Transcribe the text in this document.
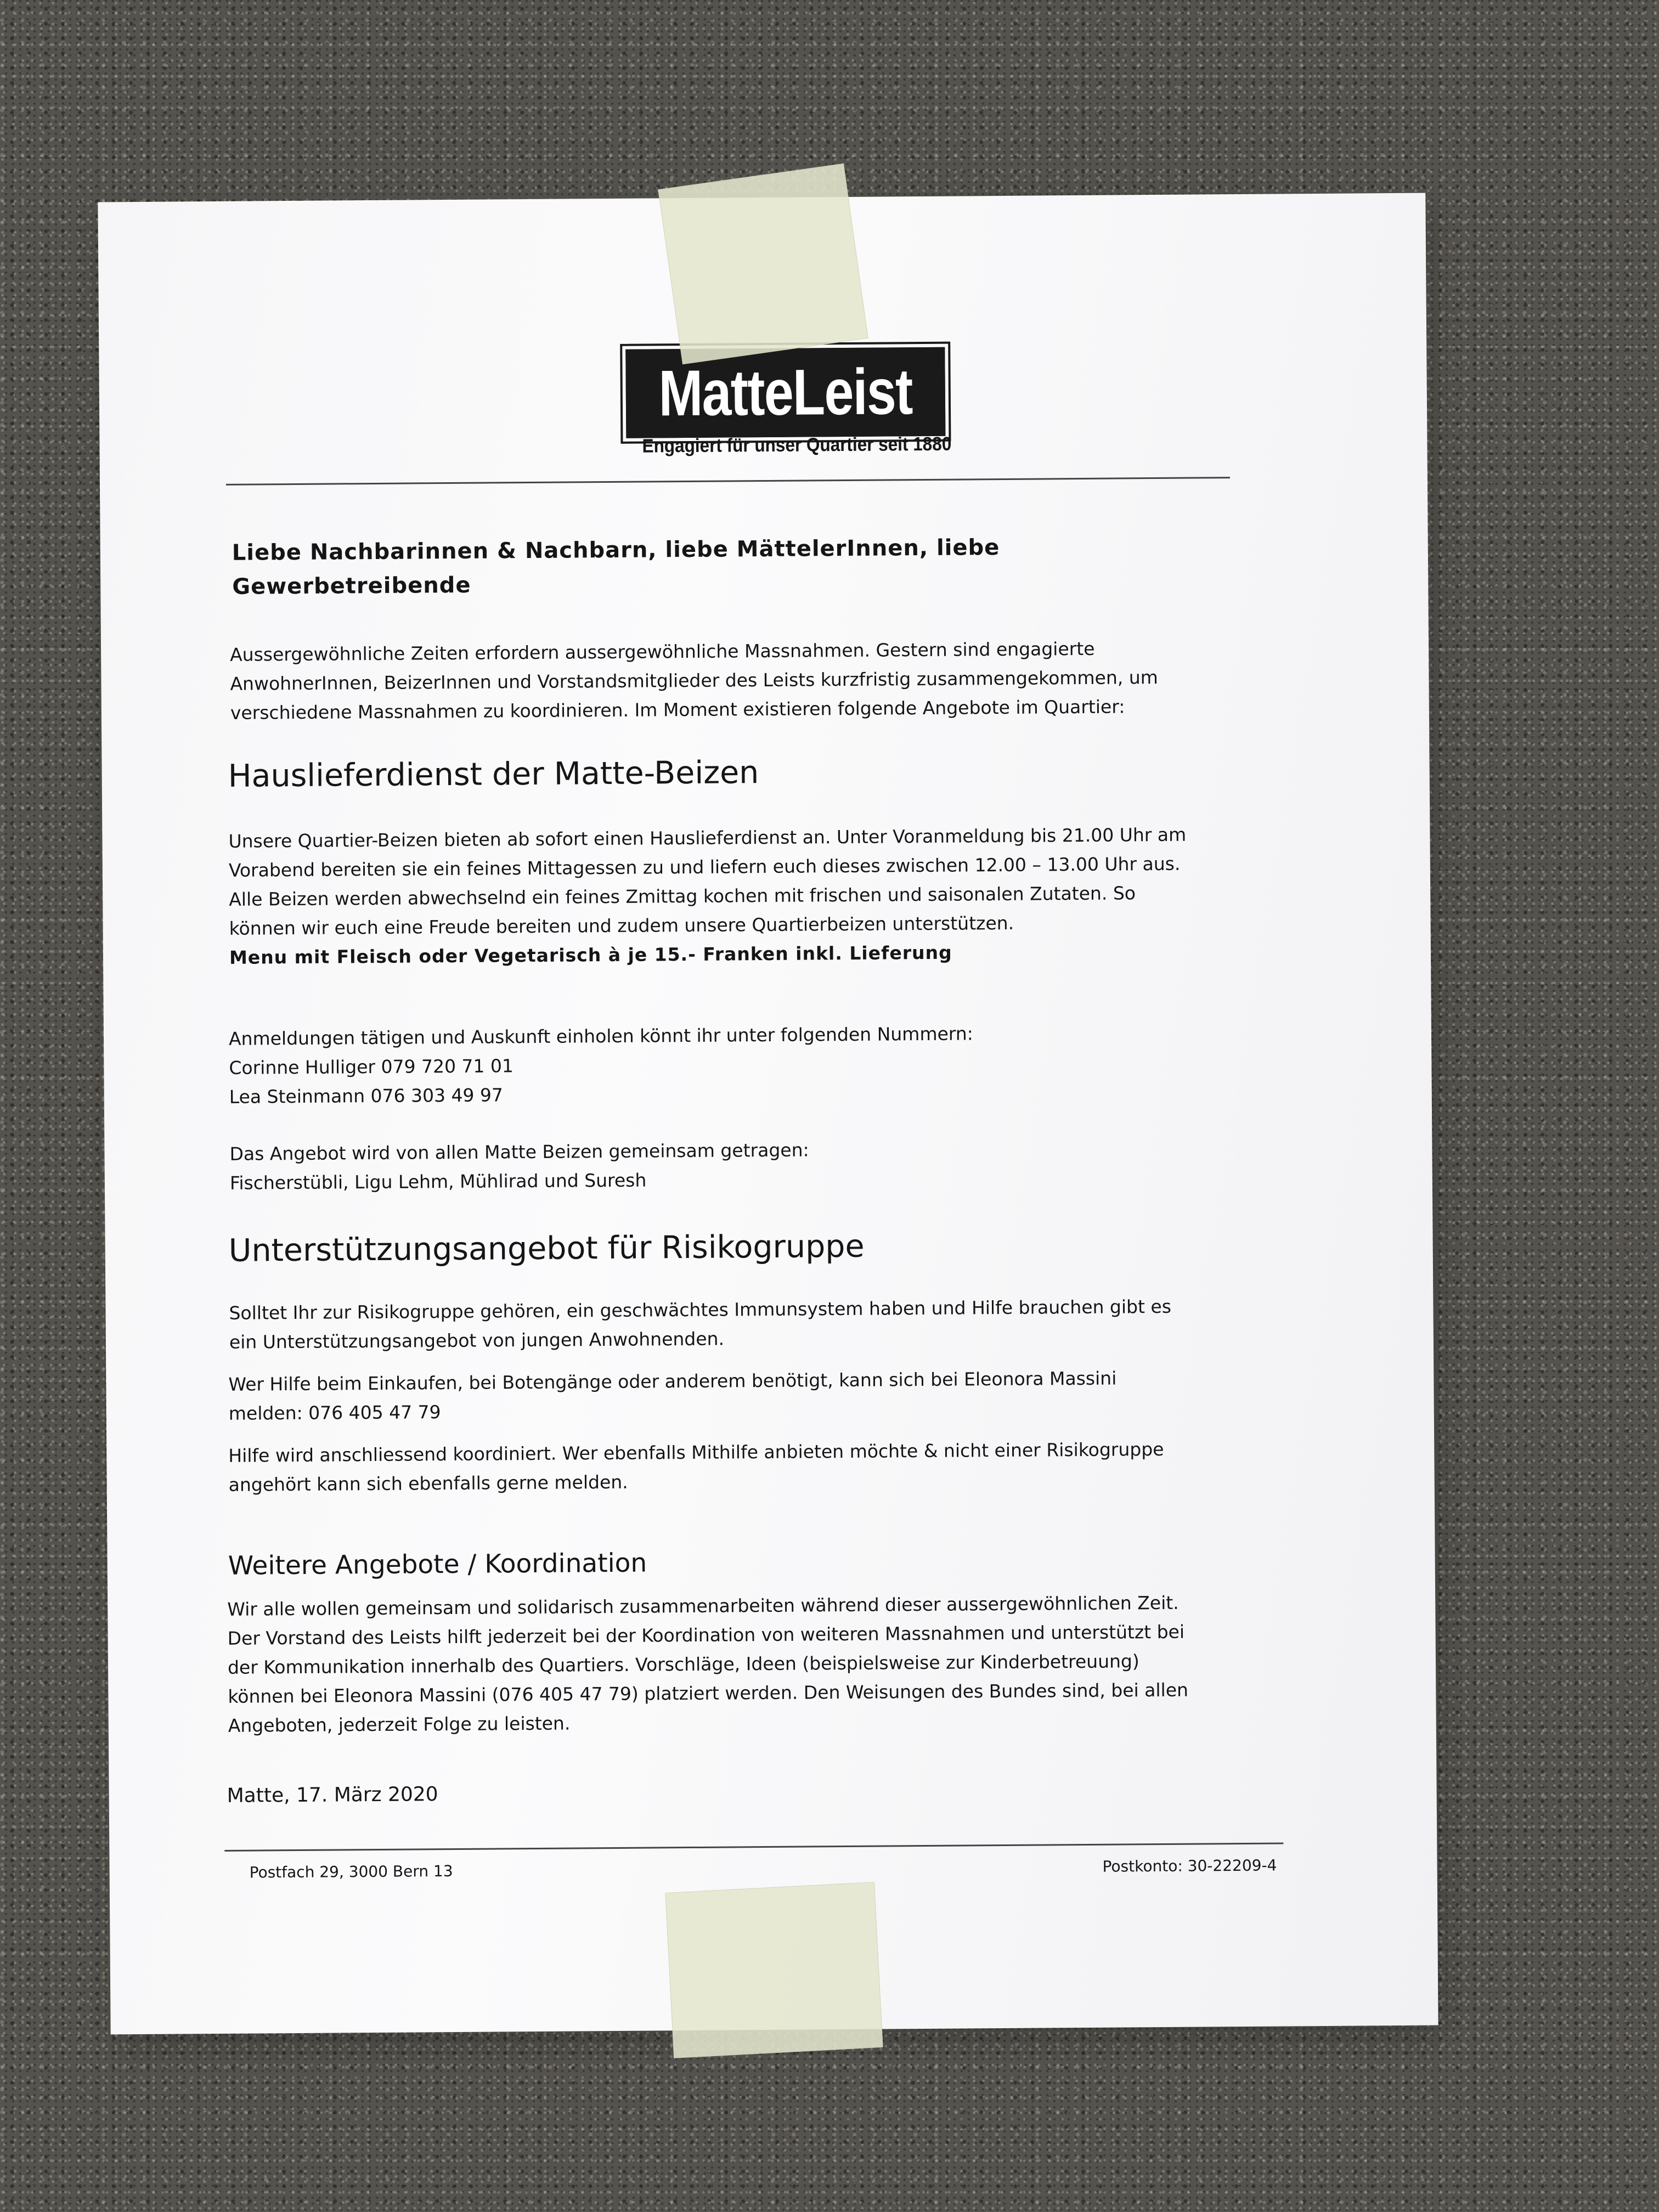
MatteLeist
Engagiert für unser Quartier seit 1880
Liebe Nachbarinnen & Nachbarn, liebe MättelerInnen, liebe
Gewerbetreibende
Aussergewöhnliche Zeiten erfordern aussergewöhnliche Massnahmen. Gestern sind engagierte
AnwohnerInnen, BeizerInnen und Vorstandsmitglieder des Leists kurzfristig zusammengekommen, um
verschiedene Massnahmen zu koordinieren. Im Moment existieren folgende Angebote im Quartier:
Hauslieferdienst der Matte-Beizen
Unsere Quartier-Beizen bieten ab sofort einen Hauslieferdienst an. Unter Voranmeldung bis 21.00 Uhr am
Vorabend bereiten sie ein feines Mittagessen zu und liefern euch dieses zwischen 12.00 – 13.00 Uhr aus.
Alle Beizen werden abwechselnd ein feines Zmittag kochen mit frischen und saisonalen Zutaten. So
können wir euch eine Freude bereiten und zudem unsere Quartierbeizen unterstützen.
Menu mit Fleisch oder Vegetarisch à je 15.- Franken inkl. Lieferung
Anmeldungen tätigen und Auskunft einholen könnt ihr unter folgenden Nummern:
Corinne Hulliger 079 720 71 01
Lea Steinmann 076 303 49 97
Das Angebot wird von allen Matte Beizen gemeinsam getragen:
Fischerstübli, Ligu Lehm, Mühlirad und Suresh
Unterstützungsangebot für Risikogruppe
Solltet Ihr zur Risikogruppe gehören, ein geschwächtes Immunsystem haben und Hilfe brauchen gibt es
ein Unterstützungsangebot von jungen Anwohnenden.
Wer Hilfe beim Einkaufen, bei Botengänge oder anderem benötigt, kann sich bei Eleonora Massini
melden: 076 405 47 79
Hilfe wird anschliessend koordiniert. Wer ebenfalls Mithilfe anbieten möchte & nicht einer Risikogruppe
angehört kann sich ebenfalls gerne melden.
Weitere Angebote / Koordination
Wir alle wollen gemeinsam und solidarisch zusammenarbeiten während dieser aussergewöhnlichen Zeit.
Der Vorstand des Leists hilft jederzeit bei der Koordination von weiteren Massnahmen und unterstützt bei
der Kommunikation innerhalb des Quartiers. Vorschläge, Ideen (beispielsweise zur Kinderbetreuung)
können bei Eleonora Massini (076 405 47 79) platziert werden. Den Weisungen des Bundes sind, bei allen
Angeboten, jederzeit Folge zu leisten.
Matte, 17. März 2020
Postfach 29, 3000 Bern 13	Postkonto: 30-22209-4
